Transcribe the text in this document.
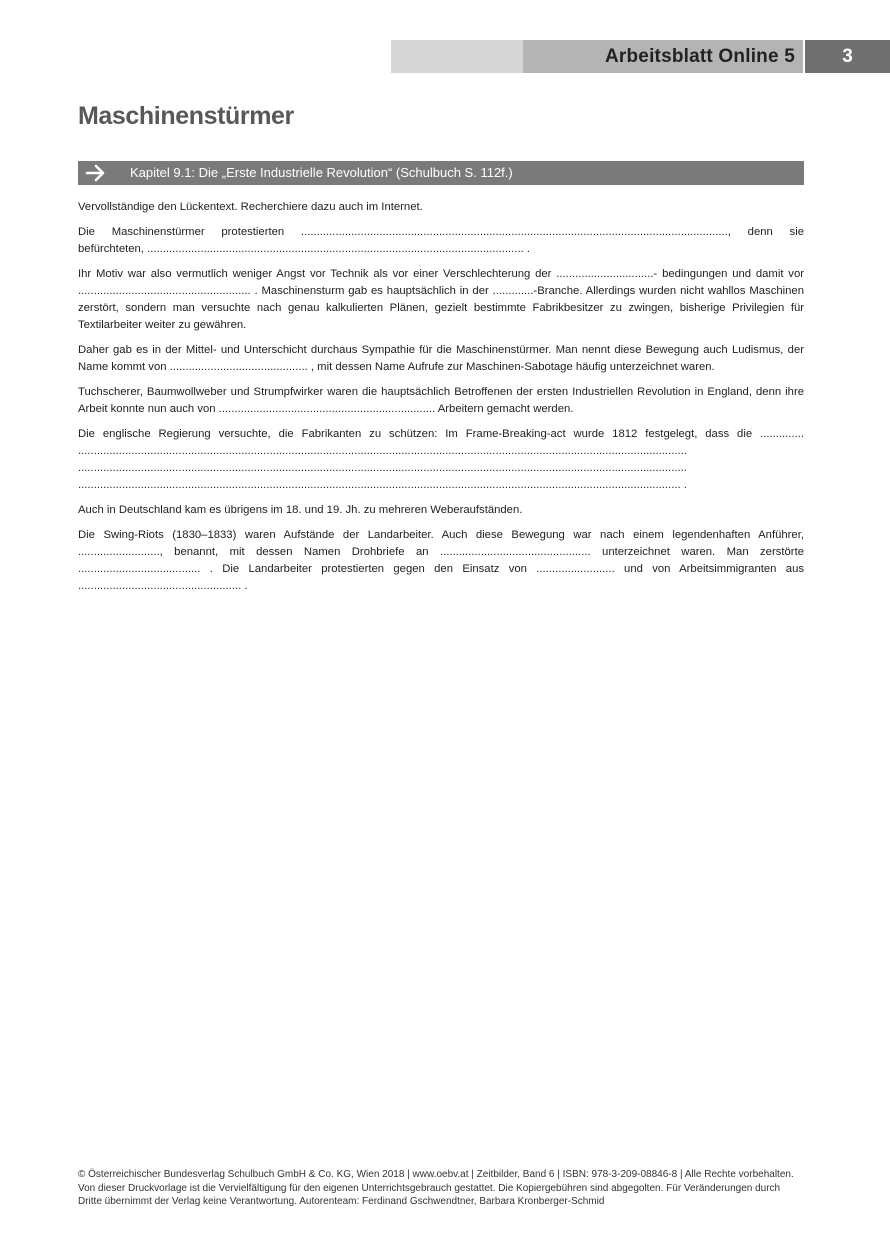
Arbeitsblatt Online 5	3
Maschinenstürmer
Kapitel 9.1: Die „Erste Industrielle Revolution“ (Schulbuch S. 112f.)

Vervollständige den Lückentext. Recherchiere dazu auch im Internet.

Die Maschinenstürmer protestierten ........................................................................................................................................, denn sie befürchteten, ........................................................................................................................ .

Ihr Motiv war also vermutlich weniger Angst vor Technik als vor einer Verschlechterung der ...............................- bedingungen und damit vor ....................................................... . Maschinensturm gab es hauptsächlich in der .............-Branche. Allerdings wurden nicht wahllos Maschinen zerstört, sondern man versuchte nach genau kalkulierten Plänen, gezielt bestimmte Fabrikbesitzer zu zwingen, bisherige Privilegien für Textilarbeiter weiter zu gewähren.

Daher gab es in der Mittel- und Unterschicht durchaus Sympathie für die Maschinenstürmer. Man nennt diese Bewegung auch Ludismus, der Name kommt von ............................................ , mit dessen Name Aufrufe zur Maschinen-Sabotage häufig unterzeichnet waren.

Tuchscherer, Baumwollweber und Strumpfwirker waren die hauptsächlich Betroffenen der ersten Industriellen Revolution in England, denn ihre Arbeit konnte nun auch von ..................................................................... Arbeitern gemacht werden.

Die englische Regierung versuchte, die Fabrikanten zu schützen: Im Frame-Breaking-act wurde 1812 festgelegt, dass die .............. .................................................................................................................................................................................................. .................................................................................................................................................................................................. ................................................................................................................................................................................................ .

Auch in Deutschland kam es übrigens im 18. und 19. Jh. zu mehreren Weberaufständen.

Die Swing-Riots (1830–1833) waren Aufstände der Landarbeiter. Auch diese Bewegung war nach einem legendenhaften Anführer, .........................., benannt, mit dessen Namen Drohbriefe an ................................................ unterzeichnet waren. Man zerstörte ....................................... . Die Landarbeiter protestierten gegen den Einsatz von ......................... und von Arbeitsimmigranten aus .................................................... .

© Österreichischer Bundesverlag Schulbuch GmbH & Co. KG, Wien 2018 | www.oebv.at | Zeitbilder, Band 6 | ISBN: 978-3-209-08846-8 | Alle Rechte vorbehalten. Von dieser Druckvorlage ist die Vervielfältigung für den eigenen Unterrichtsgebrauch gestattet. Die Kopiergebühren sind abgegolten. Für Veränderungen durch Dritte übernimmt der Verlag keine Verantwortung. Autorenteam: Ferdinand Gschwendtner, Barbara Kronberger-Schmid
